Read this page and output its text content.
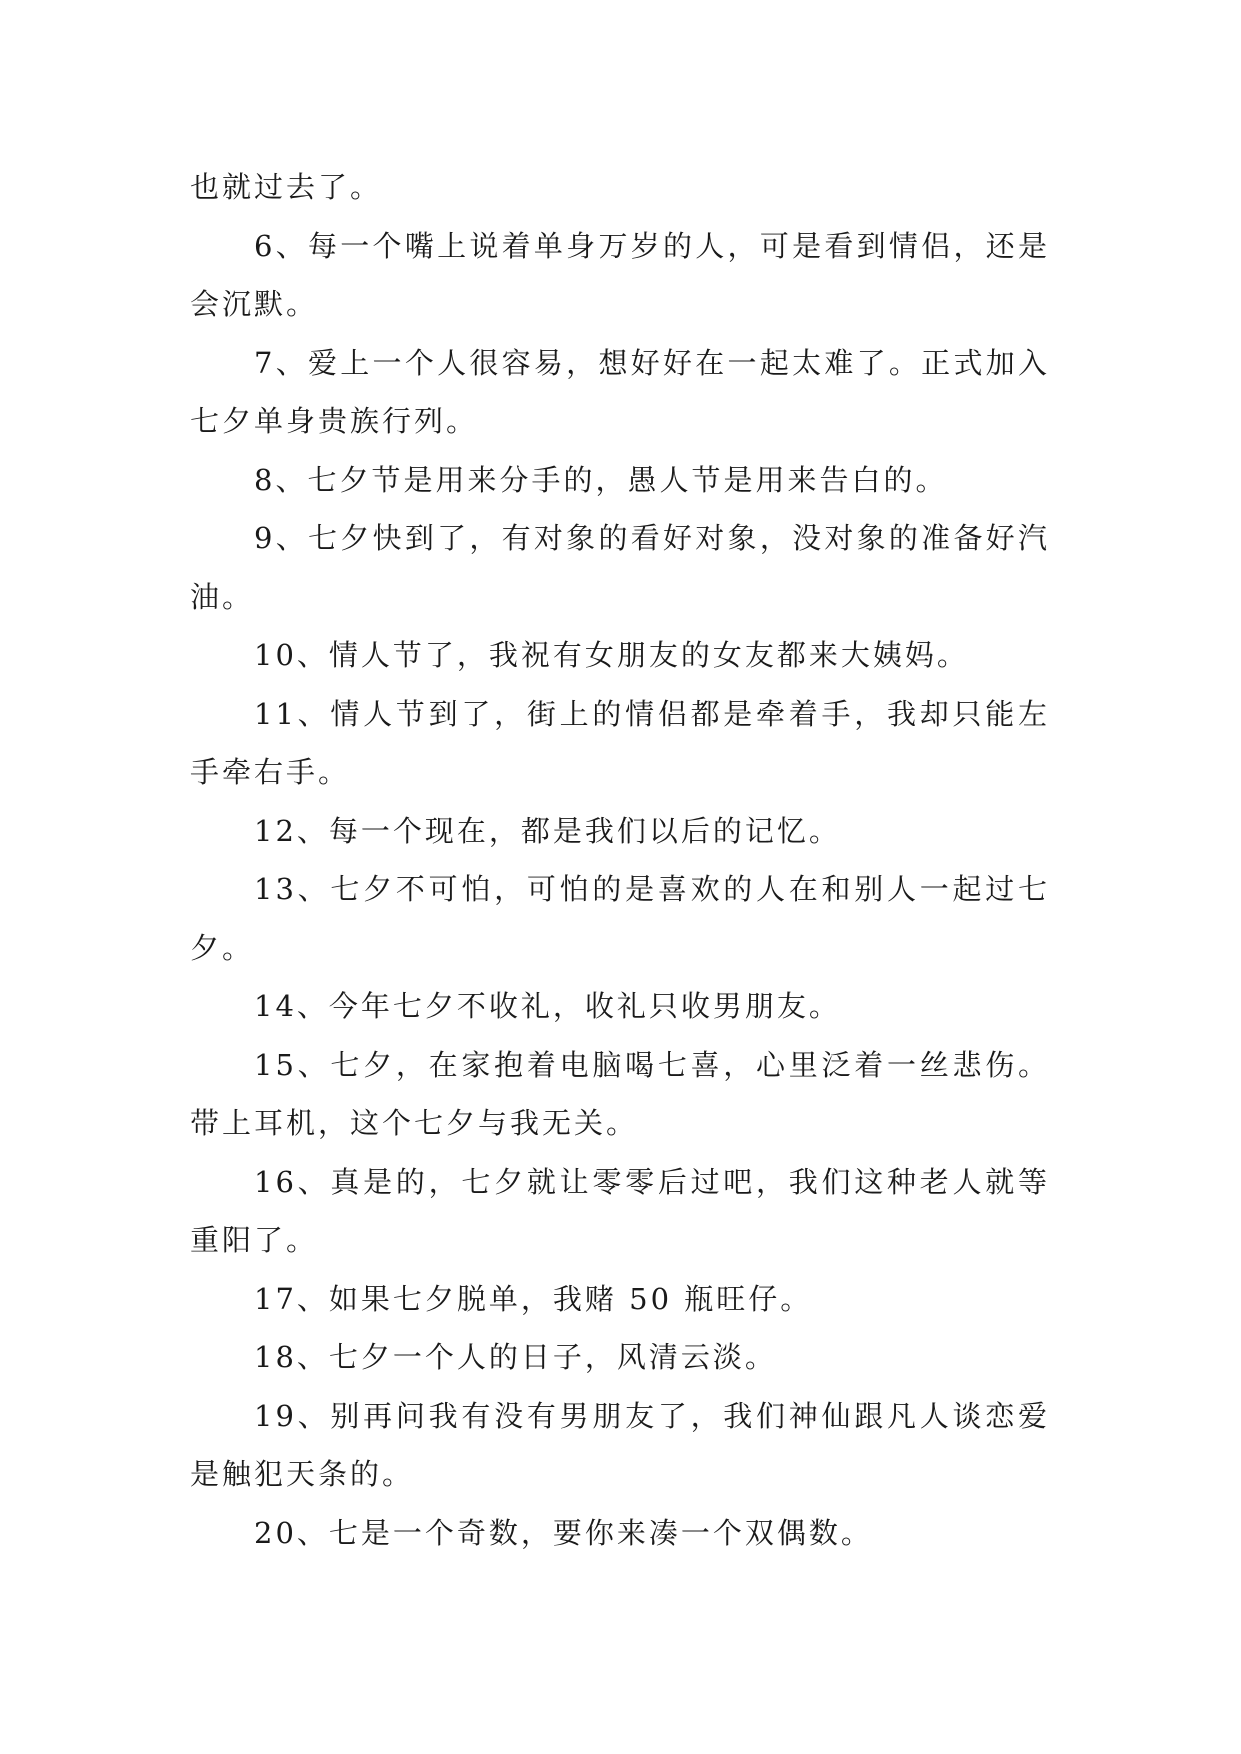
也就过去了。

6、每一个嘴上说着单身万岁的人，可是看到情侣，还是会沉默。

7、爱上一个人很容易，想好好在一起太难了。正式加入七夕单身贵族行列。

8、七夕节是用来分手的，愚人节是用来告白的。

9、七夕快到了，有对象的看好对象，没对象的准备好汽油。

10、情人节了，我祝有女朋友的女友都来大姨妈。

11、情人节到了，街上的情侣都是牵着手，我却只能左手牵右手。

12、每一个现在，都是我们以后的记忆。

13、七夕不可怕，可怕的是喜欢的人在和别人一起过七夕。

14、今年七夕不收礼，收礼只收男朋友。

15、七夕，在家抱着电脑喝七喜，心里泛着一丝悲伤。带上耳机，这个七夕与我无关。

16、真是的，七夕就让零零后过吧，我们这种老人就等重阳了。

17、如果七夕脱单，我赌 50 瓶旺仔。

18、七夕一个人的日子，风清云淡。

19、别再问我有没有男朋友了，我们神仙跟凡人谈恋爱是触犯天条的。

20、七是一个奇数，要你来凑一个双偶数。
